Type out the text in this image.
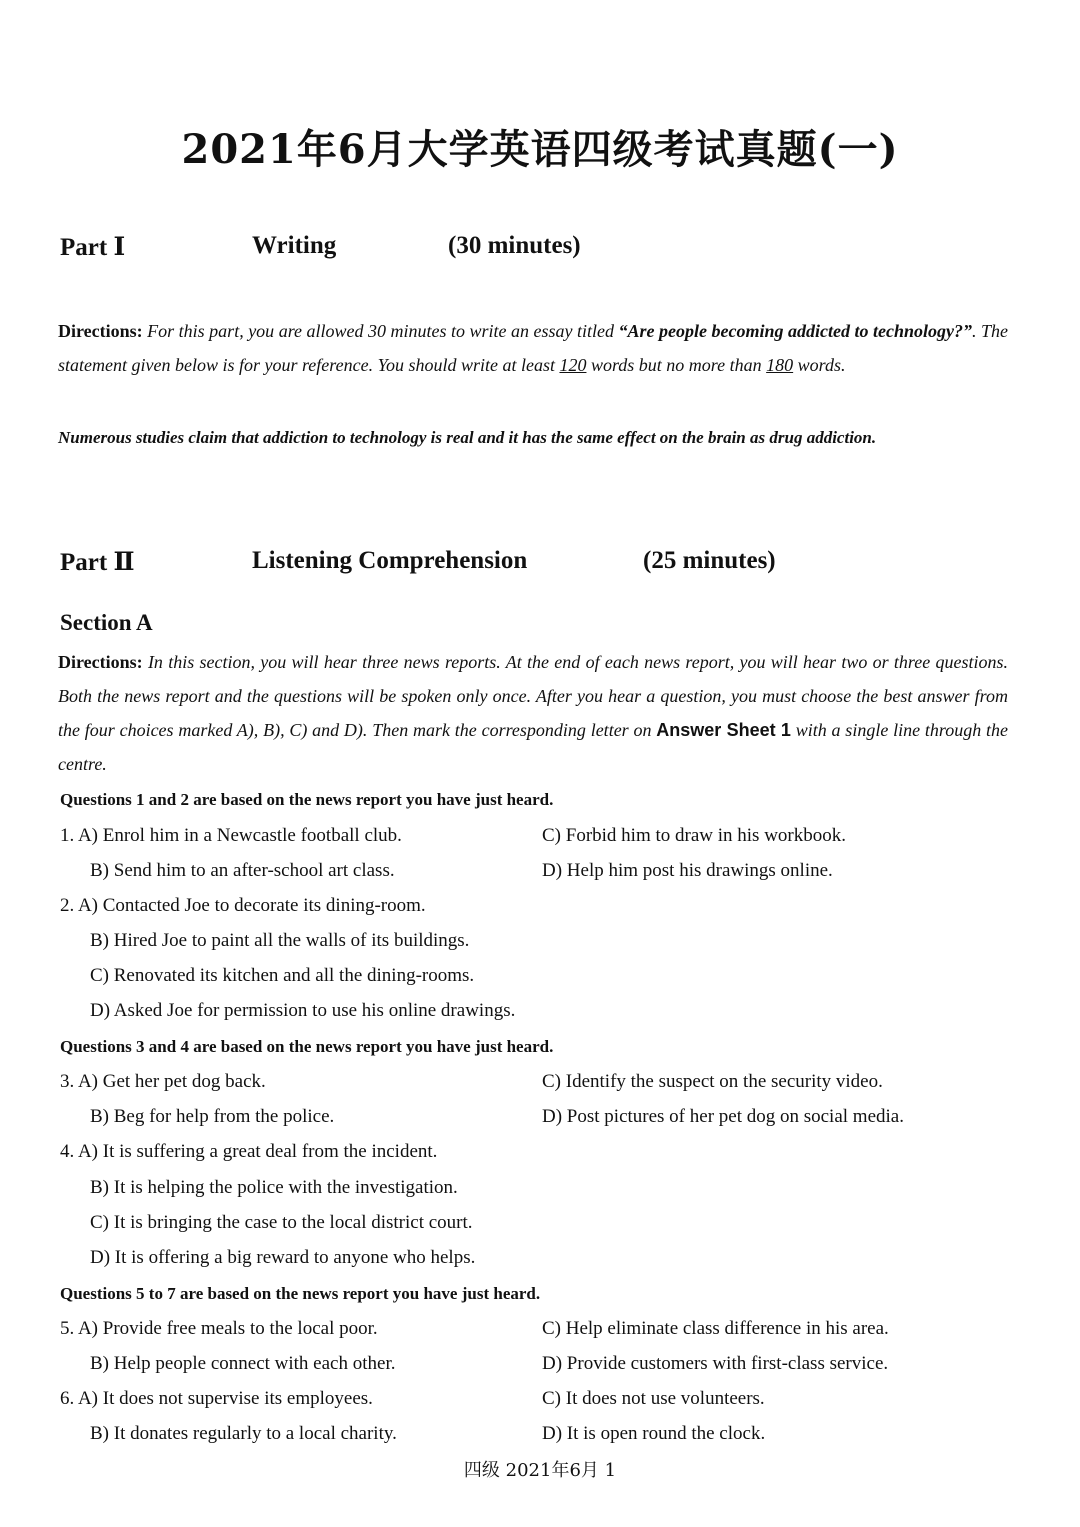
2021年6月大学英语四级考试真题(一)
Part Ⅰ	Writing	(30 minutes)
Directions: For this part, you are allowed 30 minutes to write an essay titled “Are people becoming addicted to technology?”. The statement given below is for your reference. You should write at least 120 words but no more than 180 words.
Numerous studies claim that addiction to technology is real and it has the same effect on the brain as drug addiction.
Part Ⅱ	Listening Comprehension	(25 minutes)
Section A
Directions: In this section, you will hear three news reports. At the end of each news report, you will hear two or three questions. Both the news report and the questions will be spoken only once. After you hear a question, you must choose the best answer from the four choices marked A), B), C) and D). Then mark the corresponding letter on Answer Sheet 1 with a single line through the centre.
Questions 1 and 2 are based on the news report you have just heard.
1. A) Enrol him in a Newcastle football club.	C) Forbid him to draw in his workbook.
B) Send him to an after-school art class.	D) Help him post his drawings online.
2. A) Contacted Joe to decorate its dining-room.
B) Hired Joe to paint all the walls of its buildings.
C) Renovated its kitchen and all the dining-rooms.
D) Asked Joe for permission to use his online drawings.
Questions 3 and 4 are based on the news report you have just heard.
3. A) Get her pet dog back.	C) Identify the suspect on the security video.
B) Beg for help from the police.	D) Post pictures of her pet dog on social media.
4. A) It is suffering a great deal from the incident.
B) It is helping the police with the investigation.
C) It is bringing the case to the local district court.
D) It is offering a big reward to anyone who helps.
Questions 5 to 7 are based on the news report you have just heard.
5. A) Provide free meals to the local poor.	C) Help eliminate class difference in his area.
B) Help people connect with each other.	D) Provide customers with first-class service.
6. A) It does not supervise its employees.	C) It does not use volunteers.
B) It donates regularly to a local charity.	D) It is open round the clock.
四级 2021年6月 1
